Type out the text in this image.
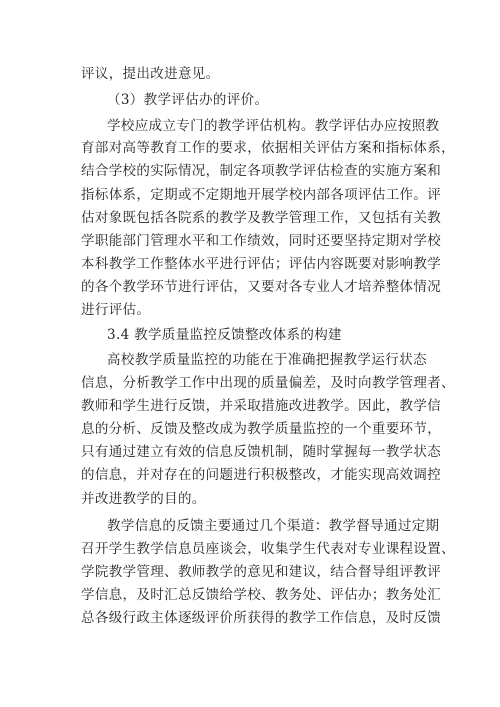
评议，提出改进意见。
（3）教学评估办的评价。
学校应成立专门的教学评估机构。教学评估办应按照教
育部对高等教育工作的要求，依据相关评估方案和指标体系，
结合学校的实际情况，制定各项教学评估检查的实施方案和
指标体系，定期或不定期地开展学校内部各项评估工作。评
估对象既包括各院系的教学及教学管理工作，又包括有关教
学职能部门管理水平和工作绩效，同时还要坚持定期对学校
本科教学工作整体水平进行评估；评估内容既要对影响教学
的各个教学环节进行评估，又要对各专业人才培养整体情况
进行评估。
3.4 教学质量监控反馈整改体系的构建
高校教学质量监控的功能在于准确把握教学运行状态
信息，分析教学工作中出现的质量偏差，及时向教学管理者、
教师和学生进行反馈，并采取措施改进教学。因此，教学信
息的分析、反馈及整改成为教学质量监控的一个重要环节，
只有通过建立有效的信息反馈机制，随时掌握每一教学状态
的信息，并对存在的问题进行积极整改，才能实现高效调控
并改进教学的目的。
教学信息的反馈主要通过几个渠道：教学督导通过定期
召开学生教学信息员座谈会，收集学生代表对专业课程设置、
学院教学管理、教师教学的意见和建议，结合督导组评教评
学信息，及时汇总反馈给学校、教务处、评估办；教务处汇
总各级行政主体逐级评价所获得的教学工作信息，及时反馈
